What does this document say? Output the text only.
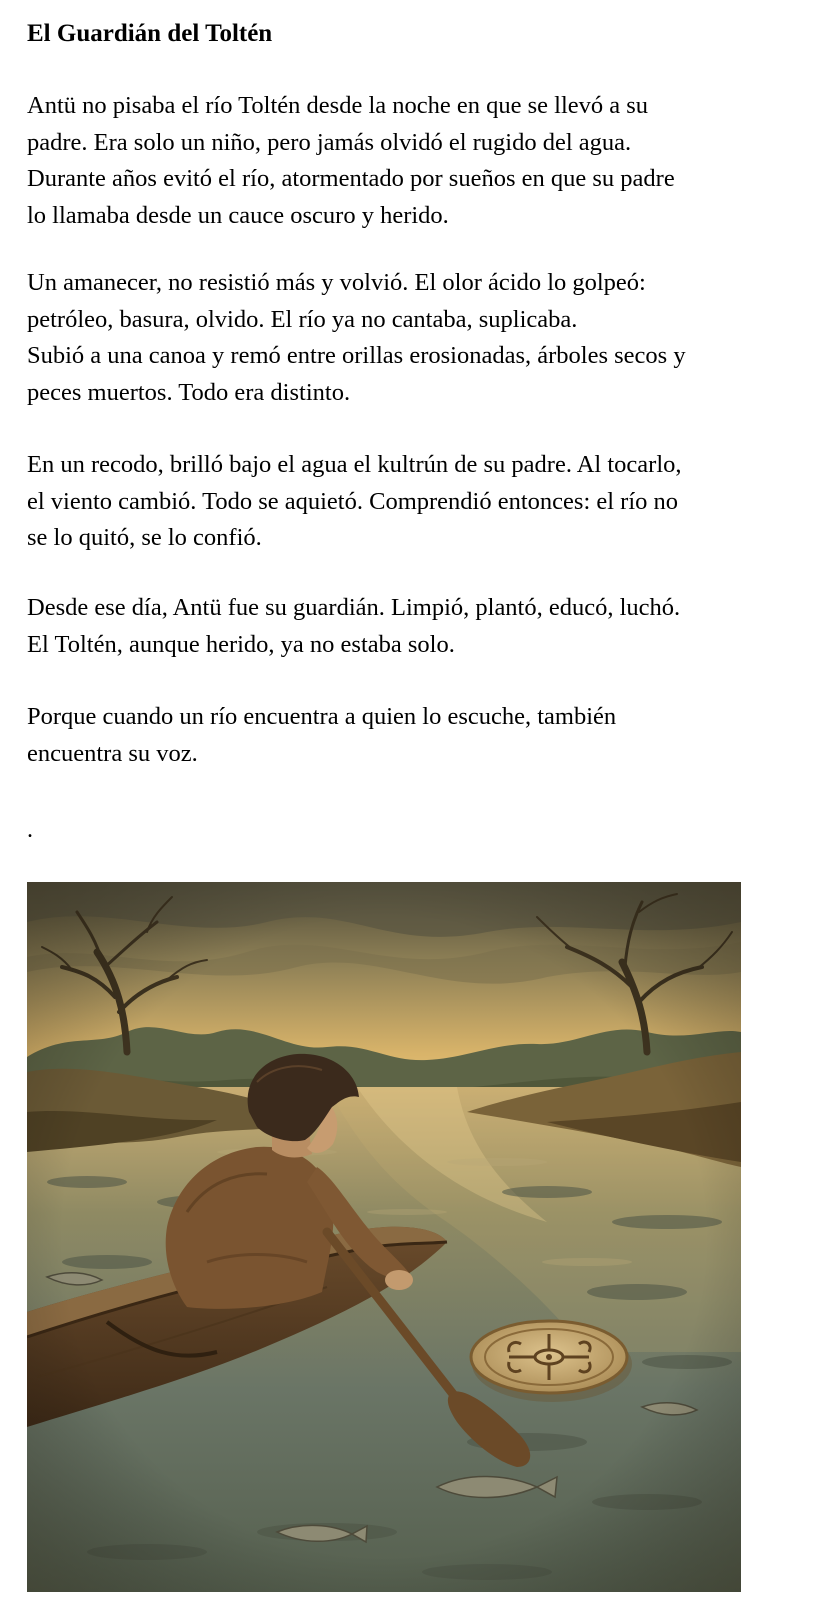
El Guardián del Toltén

Antü no pisaba el río Toltén desde la noche en que se llevó a su
padre. Era solo un niño, pero jamás olvidó el rugido del agua.
Durante años evitó el río, atormentado por sueños en que su padre
lo llamaba desde un cauce oscuro y herido.

Un amanecer, no resistió más y volvió. El olor ácido lo golpeó:
petróleo, basura, olvido. El río ya no cantaba, suplicaba.
Subió a una canoa y remó entre orillas erosionadas, árboles secos y
peces muertos. Todo era distinto.

En un recodo, brilló bajo el agua el kultrún de su padre. Al tocarlo,
el viento cambió. Todo se aquietó. Comprendió entonces: el río no
se lo quitó, se lo confió.

Desde ese día, Antü fue su guardián. Limpió, plantó, educó, luchó.
El Toltén, aunque herido, ya no estaba solo.

Porque cuando un río encuentra a quien lo escuche, también
encuentra su voz.

.
